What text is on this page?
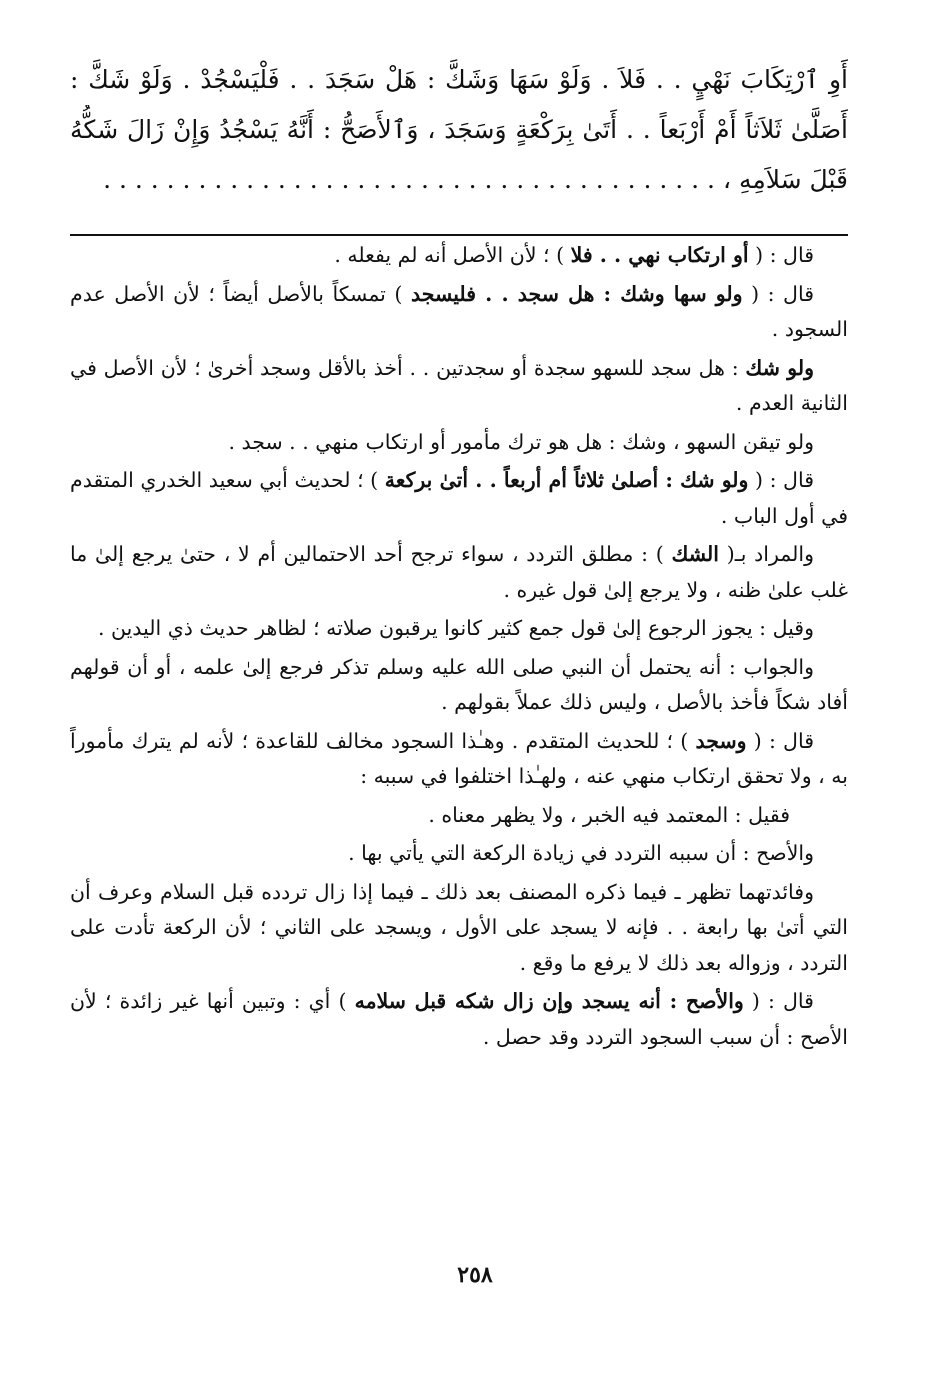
أَوِ ٱرْتِكَابَ نَهْيٍ . . فَلاَ . وَلَوْ سَهَا وَشَكَّ : هَلْ سَجَدَ . . فَلْيَسْجُدْ . وَلَوْ شَكَّ :
أَصَلَّىٰ ثَلاَثاً أَمْ أَرْبَعاً . . أَتَىٰ بِرَكْعَةٍ وَسَجَدَ ، وَٱلأَصَحُّ : أَنَّهُ يَسْجُدُ وَإِنْ زَالَ شَكُّهُ
قَبْلَ سَلاَمِهِ ، . . . . . . . . . . . . . . . . . . . . . . . . . . . . . . . . . . . . . . .

قال : ( أو ارتكاب نهي . . فلا ) ؛ لأن الأصل أنه لم يفعله .

قال : ( ولو سها وشك : هل سجد . . فليسجد ) تمسكاً بالأصل أيضاً ؛ لأن الأصل عدم السجود .

ولو شك : هل سجد للسهو سجدة أو سجدتين . . أخذ بالأقل وسجد أخرىٰ ؛ لأن الأصل في الثانية العدم .

ولو تيقن السهو ، وشك : هل هو ترك مأمور أو ارتكاب منهي . . سجد .

قال : ( ولو شك : أصلىٰ ثلاثاً أم أربعاً . . أتىٰ بركعة ) ؛ لحديث أبي سعيد الخدري المتقدم في أول الباب .

والمراد بـ( الشك ) : مطلق التردد ، سواء ترجح أحد الاحتمالين أم لا ، حتىٰ يرجع إلىٰ ما غلب علىٰ ظنه ، ولا يرجع إلىٰ قول غيره .

وقيل : يجوز الرجوع إلىٰ قول جمع كثير كانوا يرقبون صلاته ؛ لظاهر حديث ذي اليدين .

والجواب : أنه يحتمل أن النبي صلى الله عليه وسلم تذكر فرجع إلىٰ علمه ، أو أن قولهم أفاد شكاً فأخذ بالأصل ، وليس ذلك عملاً بقولهم .

قال : ( وسجد ) ؛ للحديث المتقدم . وهـٰذا السجود مخالف للقاعدة ؛ لأنه لم يترك مأموراً به ، ولا تحقق ارتكاب منهي عنه ، ولهـٰذا اختلفوا في سببه :

فقيل : المعتمد فيه الخبر ، ولا يظهر معناه .

والأصح : أن سببه التردد في زيادة الركعة التي يأتي بها .

وفائدتهما تظهر ـ فيما ذكره المصنف بعد ذلك ـ فيما إذا زال تردده قبل السلام وعرف أن التي أتىٰ بها رابعة . . فإنه لا يسجد على الأول ، ويسجد على الثاني ؛ لأن الركعة تأدت على التردد ، وزواله بعد ذلك لا يرفع ما وقع .

قال : ( والأصح : أنه يسجد وإن زال شكه قبل سلامه ) أي : وتبين أنها غير زائدة ؛ لأن الأصح : أن سبب السجود التردد وقد حصل .

٢٥٨
